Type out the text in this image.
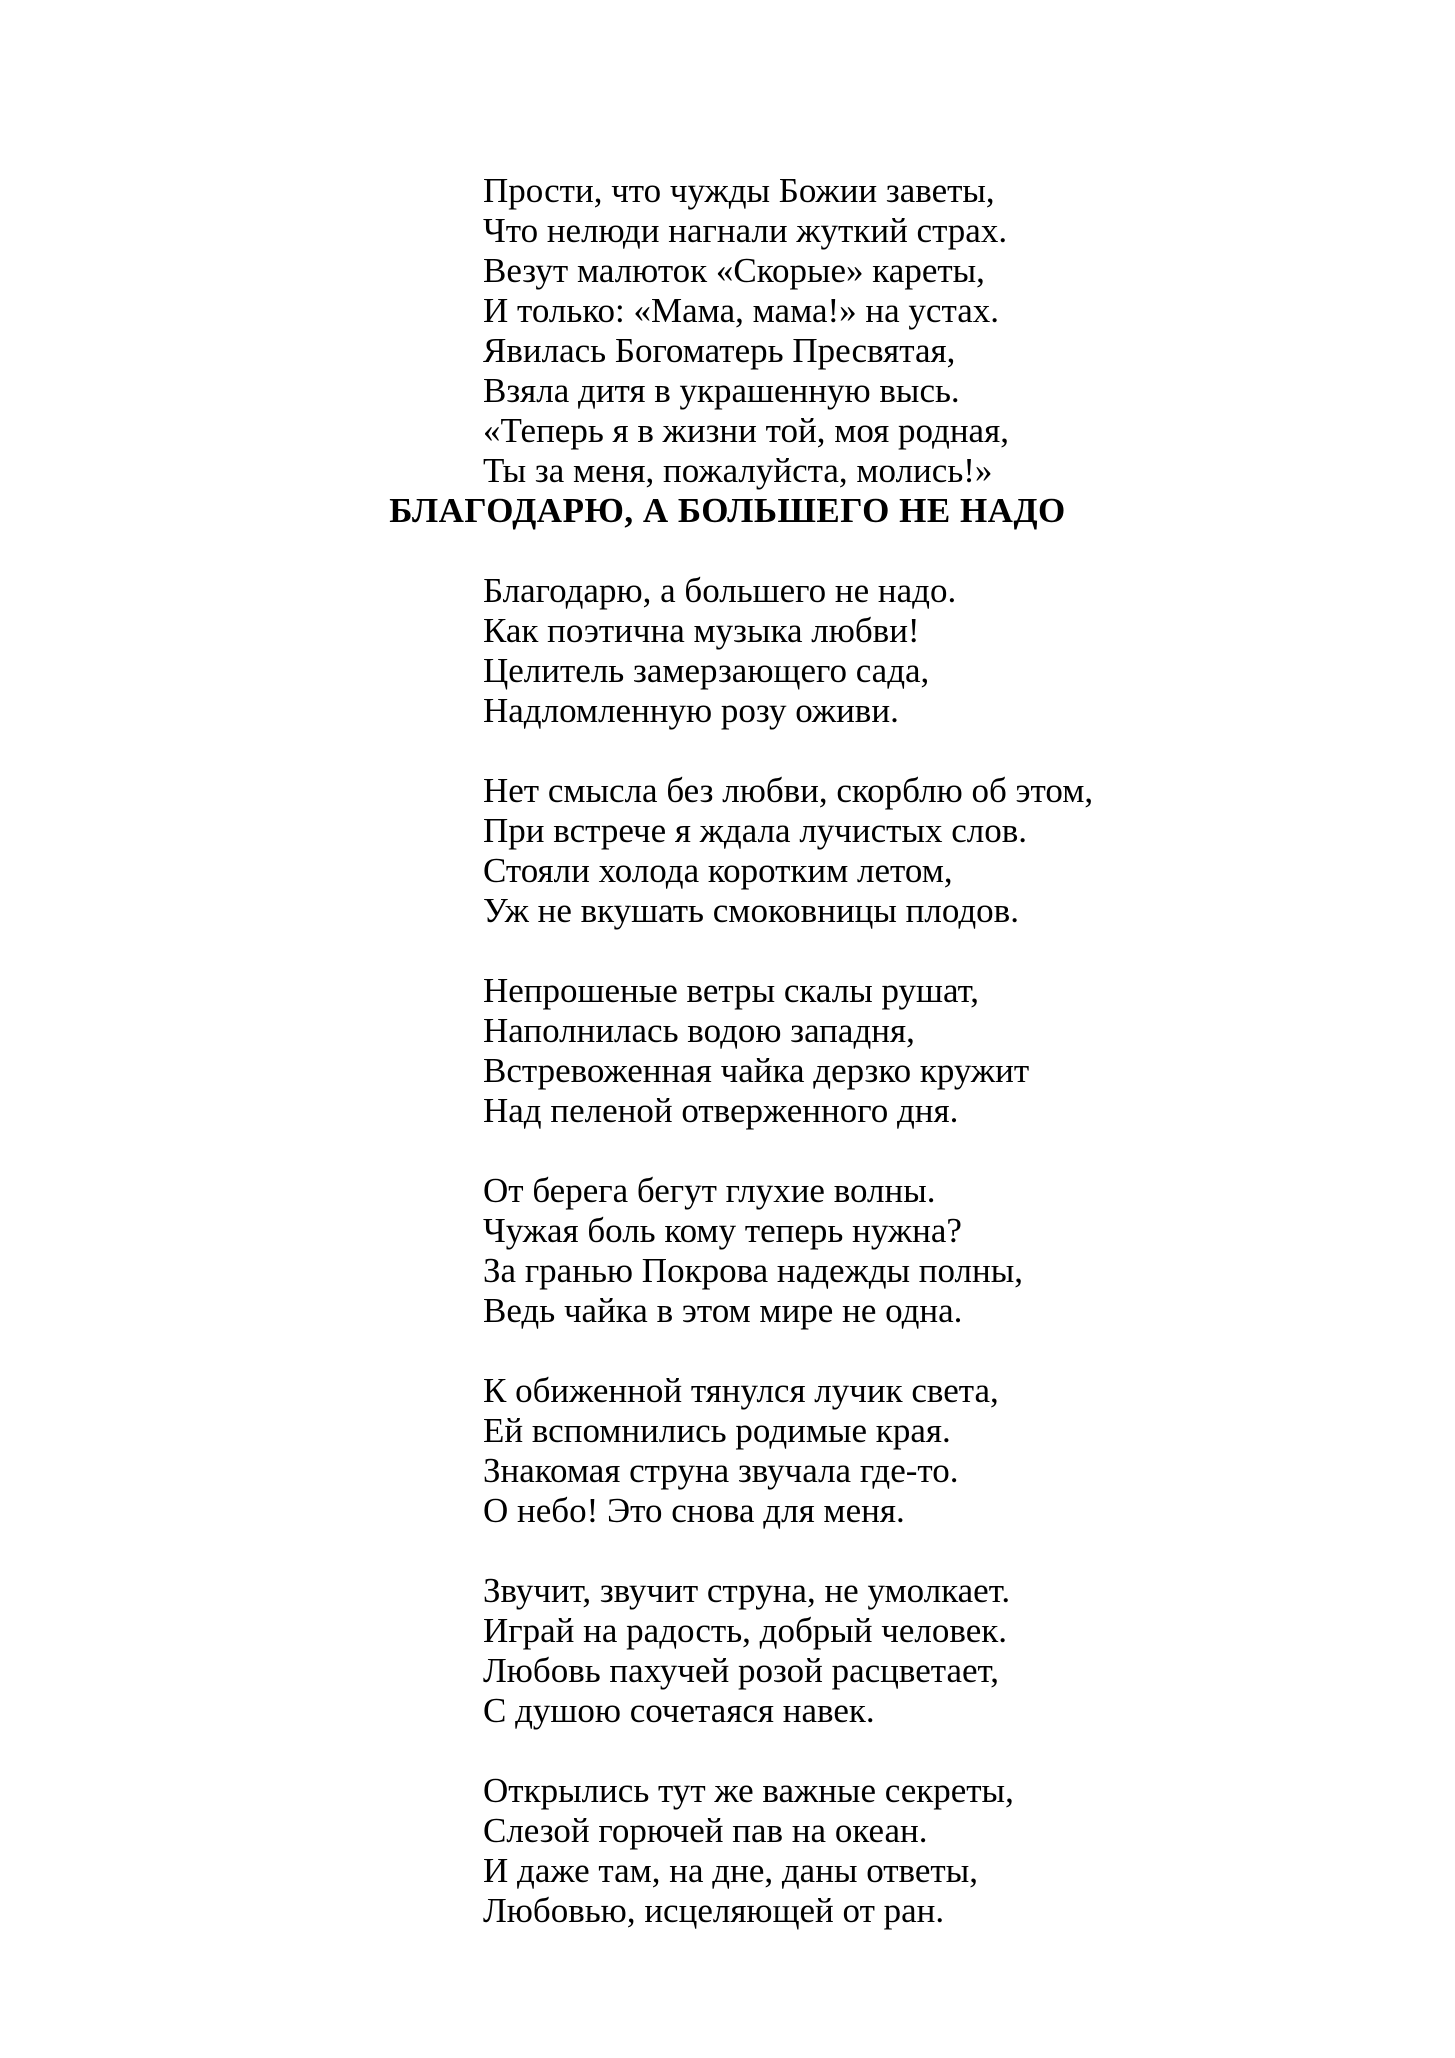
Прости, что чужды Божии заветы,
Что нелюди нагнали жуткий страх.
Везут малюток «Скорые» кареты,
И только: «Мама, мама!» на устах.
Явилась Богоматерь Пресвятая,
Взяла дитя в украшенную высь.
«Теперь я в жизни той, моя родная,
Ты за меня, пожалуйста, молись!»
БЛАГОДАРЮ, А БОЛЬШЕГО НЕ НАДО
Благодарю, а большего не надо.
Как поэтична музыка любви!
Целитель замерзающего сада,
Надломленную розу оживи.
Нет смысла без любви, скорблю об этом,
При встрече я ждала лучистых слов.
Стояли холода коротким летом,
Уж не вкушать смоковницы плодов.
Непрошеные ветры скалы рушат,
Наполнилась водою западня,
Встревоженная чайка дерзко кружит
Над пеленой отверженного дня.
От берега бегут глухие волны.
Чужая боль кому теперь нужна?
За гранью Покрова надежды полны,
Ведь чайка в этом мире не одна.
К обиженной тянулся лучик света,
Ей вспомнились родимые края.
Знакомая струна звучала где-то.
О небо! Это снова для меня.
Звучит, звучит струна, не умолкает.
Играй на радость, добрый человек.
Любовь пахучей розой расцветает,
С душою сочетаяся навек.
Открылись тут же важные секреты,
Слезой горючей пав на океан.
И даже там, на дне, даны ответы,
Любовью, исцеляющей от ран.
